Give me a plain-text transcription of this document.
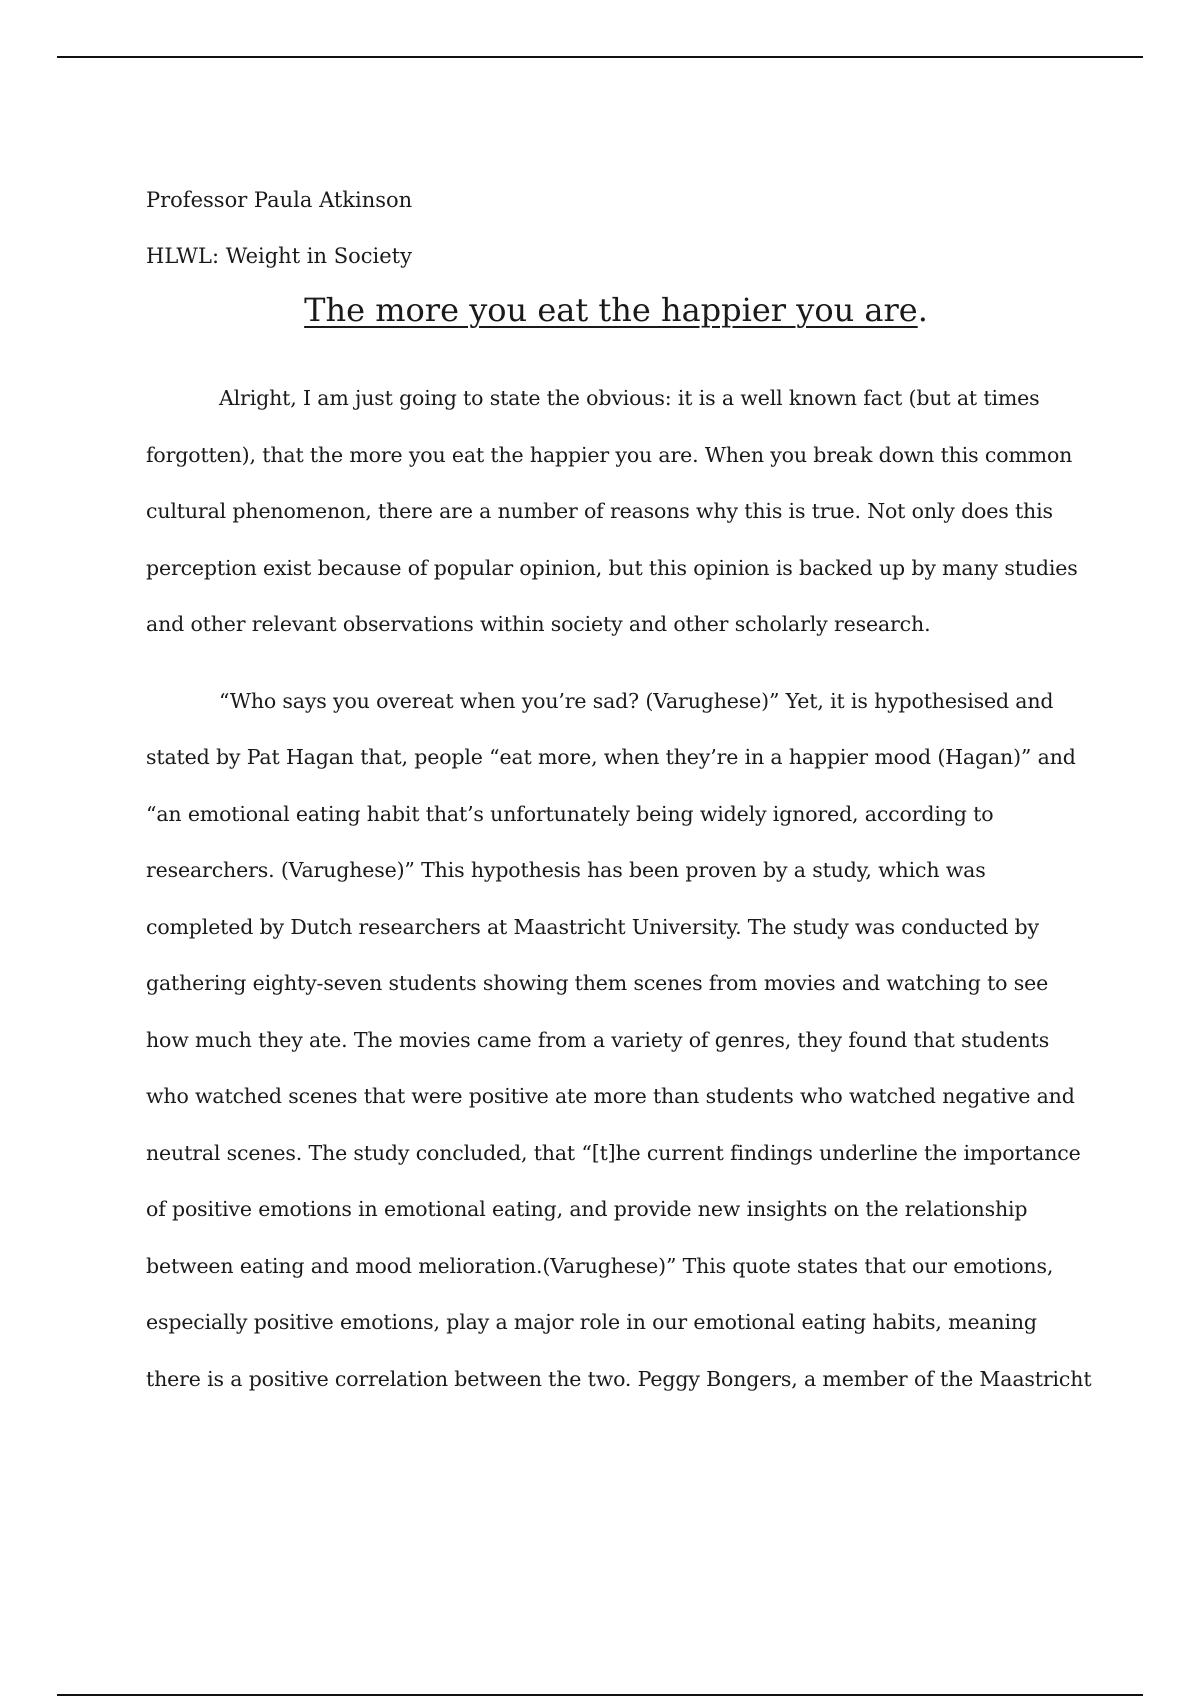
Professor Paula Atkinson

HLWL: Weight in Society

The more you eat the happier you are.
Alright, I am just going to state the obvious: it is a well known fact (but at times
forgotten), that the more you eat the happier you are. When you break down this common
cultural phenomenon, there are a number of reasons why this is true. Not only does this
perception exist because of popular opinion, but this opinion is backed up by many studies
and other relevant observations within society and other scholarly research.
“Who says you overeat when you’re sad? (Varughese)” Yet, it is hypothesised and
stated by Pat Hagan that, people “eat more, when they’re in a happier mood (Hagan)” and
“an emotional eating habit that’s unfortunately being widely ignored, according to
researchers. (Varughese)” This hypothesis has been proven by a study, which was
completed by Dutch researchers at Maastricht University. The study was conducted by
gathering eighty-seven students showing them scenes from movies and watching to see
how much they ate. The movies came from a variety of genres, they found that students
who watched scenes that were positive ate more than students who watched negative and
neutral scenes. The study concluded, that “[t]he current findings underline the importance
of positive emotions in emotional eating, and provide new insights on the relationship
between eating and mood melioration.(Varughese)” This quote states that our emotions,
especially positive emotions, play a major role in our emotional eating habits, meaning
there is a positive correlation between the two. Peggy Bongers, a member of the Maastricht
